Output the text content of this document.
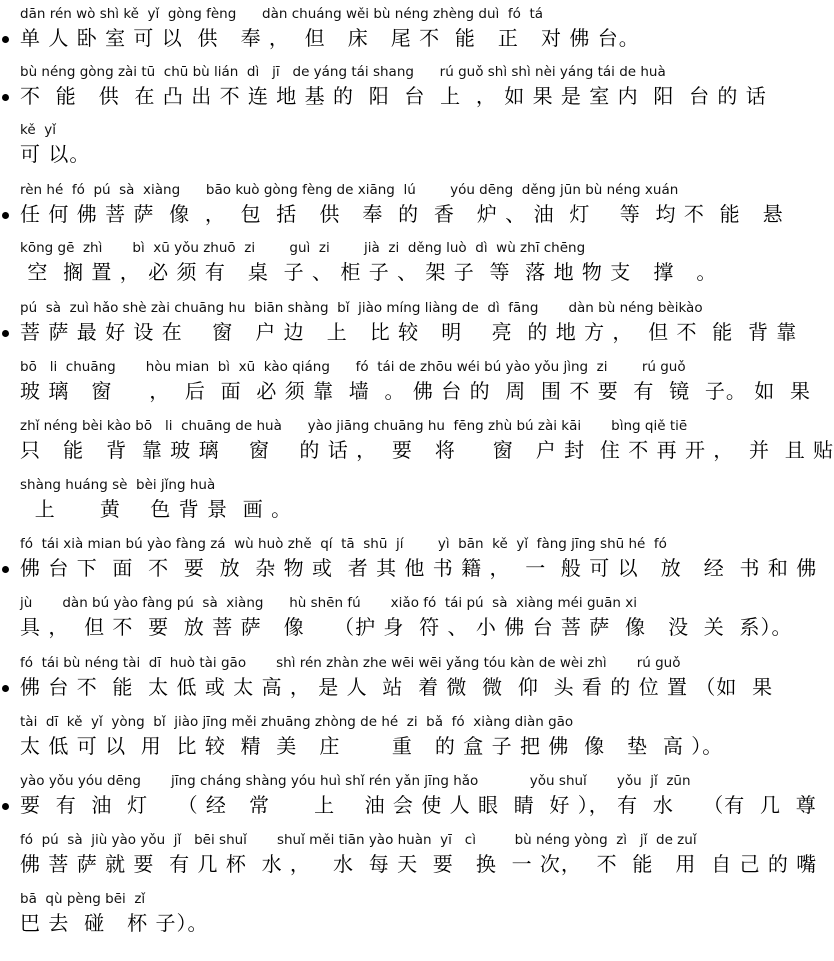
dān rén wò shì kě  yǐ  gòng fèng      dàn chuáng wěi bù néng zhèng duì  fó  tá
单 人 卧 室 可 以  供   奉 ，  但   床   尾 不  能   正   对 佛 台。
bù néng gòng zài tū  chū bù lián  dì   jī   de yáng tái shang      rú guǒ shì shì nèi yáng tái de huà
不  能   供  在 凸 出 不 连 地 基 的  阳  台  上  ， 如 果 是 室 内  阳  台 的 话
kě  yǐ
可 以。
rèn hé  fó  pú  sà  xiàng      bāo kuò gòng fèng de xiāng  lú        yóu dēng  děng jūn bù néng xuán
任 何 佛 菩 萨  像  ，  包  括   供   奉  的  香   炉 、 油  灯    等  均 不  能   悬
kōng gē  zhì       bì  xū yǒu zhuō  zi        guì  zi        jià  zi  děng luò  dì  wù zhī chēng
空  搁 置 ， 必 须 有   桌  子 、 柜 子 、 架 子  等  落 地 物 支   撑   。
pú  sà  zuì hǎo shè zài chuāng hu  biān shàng  bǐ  jiào míng liàng de  dì  fāng       dàn bù néng bèikào
菩 萨 最 好 设 在    窗   户 边   上   比 较   明    亮  的 地 方 ，  但 不  能  背 靠
bō   li  chuāng       hòu mian  bì  xū  kào qiáng      fó  tái de zhōu wéi bú yào yǒu jìng  zi        rú guǒ
玻 璃   窗     ，  后  面  必 须 靠  墙  。 佛 台 的  周  围 不 要  有  镜  子。 如  果
zhǐ néng bèi kào bō   li  chuāng de huà      yào jiāng chuāng hu  fēng zhù bú zài kāi       bìng qiě tiē
只   能   背  靠 玻 璃    窗    的 话 ，  要   将     窗   户 封  住 不 再 开 ，  并  且 贴
shàng huáng sè  bèi jǐng huà
上      黄    色 背 景  画 。
fó  tái xià mian bú yào fàng zá  wù huò zhě  qí  tā  shū  jí        yì  bān  kě  yǐ  fàng jīng shū hé  fó
佛 台 下  面  不  要  放  杂 物 或  者 其 他 书 籍 ，  一  般 可 以   放   经  书 和 佛
jù       dàn bú yào fàng pú  sà  xiàng      hù shēn fú       xiǎo fó  tái pú  sà  xiàng méi guān xi
具 ，  但 不  要  放 菩 萨   像    （护 身  符 、 小 佛 台 菩 萨  像   没  关  系）。
fó  tái bù néng tài  dī  huò tài gāo       shì rén zhàn zhe wēi wēi yǎng tóu kàn de wèi zhì       rú guǒ
佛 台 不  能  太 低 或 太 高 ， 是 人  站  着 微  微  仰  头 看 的 位 置 （如  果
tài  dī  kě  yǐ  yòng  bǐ  jiào jīng měi zhuāng zhòng de hé  zi  bǎ  fó  xiàng diàn gāo
太 低 可 以  用  比 较  精  美   庄       重   的 盒 子 把 佛  像   垫  高 ）。
yào yǒu yóu dēng       jīng cháng shàng yóu huì shǐ rén yǎn jīng hǎo            yǒu shuǐ       yǒu  jǐ  zūn
要  有  油  灯    （ 经   常      上    油 会 使 人 眼  睛  好 ）， 有  水    （有  几  尊
fó  pú  sà  jiù yào yǒu  jǐ   bēi shuǐ       shuǐ měi tiān yào huàn  yī   cì         bù néng yòng  zì   jǐ  de zuǐ
佛 菩 萨 就 要  有 几 杯  水 ，   水  每 天  要   换  一 次，  不  能   用  自 己 的 嘴
bā  qù pèng bēi  zǐ
巴 去  碰   杯 子）。
